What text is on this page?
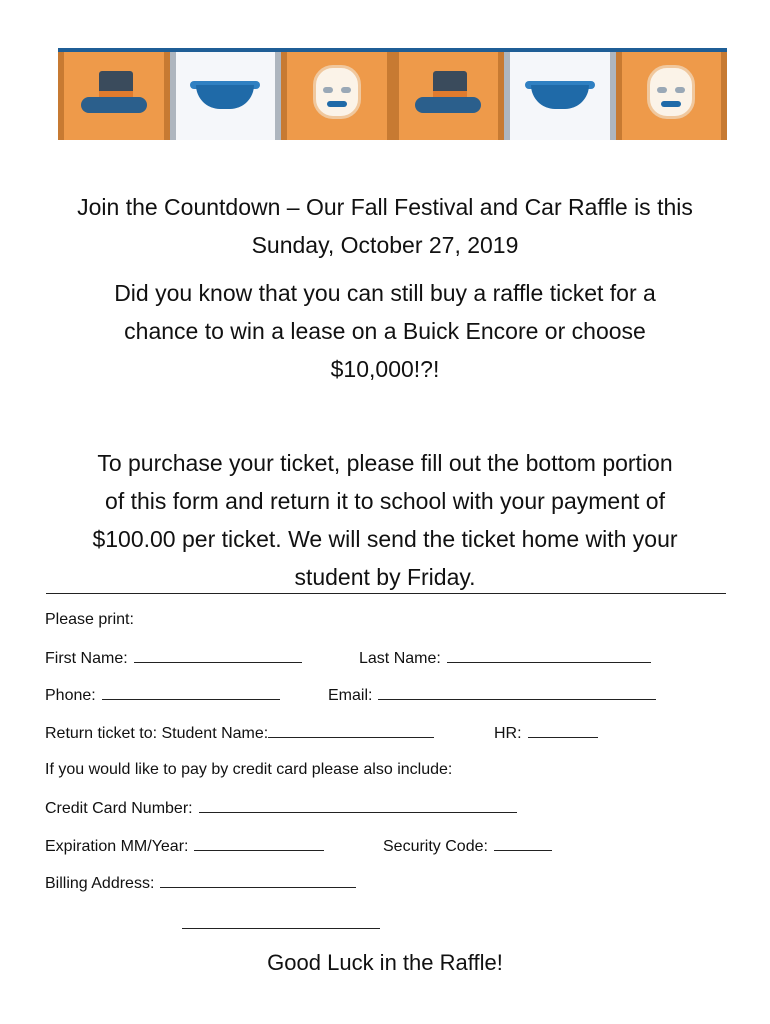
Join the Countdown – Our Fall Festival and Car Raffle is this
Sunday, October 27, 2019
Did you know that you can still buy a raffle ticket for a
chance to win a lease on a Buick Encore or choose
$10,000!?!
To purchase your ticket, please fill out the bottom portion
of this form and return it to school with your payment of
$100.00 per ticket. We will send the ticket home with your
student by Friday.
Please print:
First Name:	Last Name:
Phone:	Email:
Return ticket to: Student Name:	HR:
If you would like to pay by credit card please also include:
Credit Card Number:
Expiration MM/Year:	Security Code:
Billing Address:
Good Luck in the Raffle!
